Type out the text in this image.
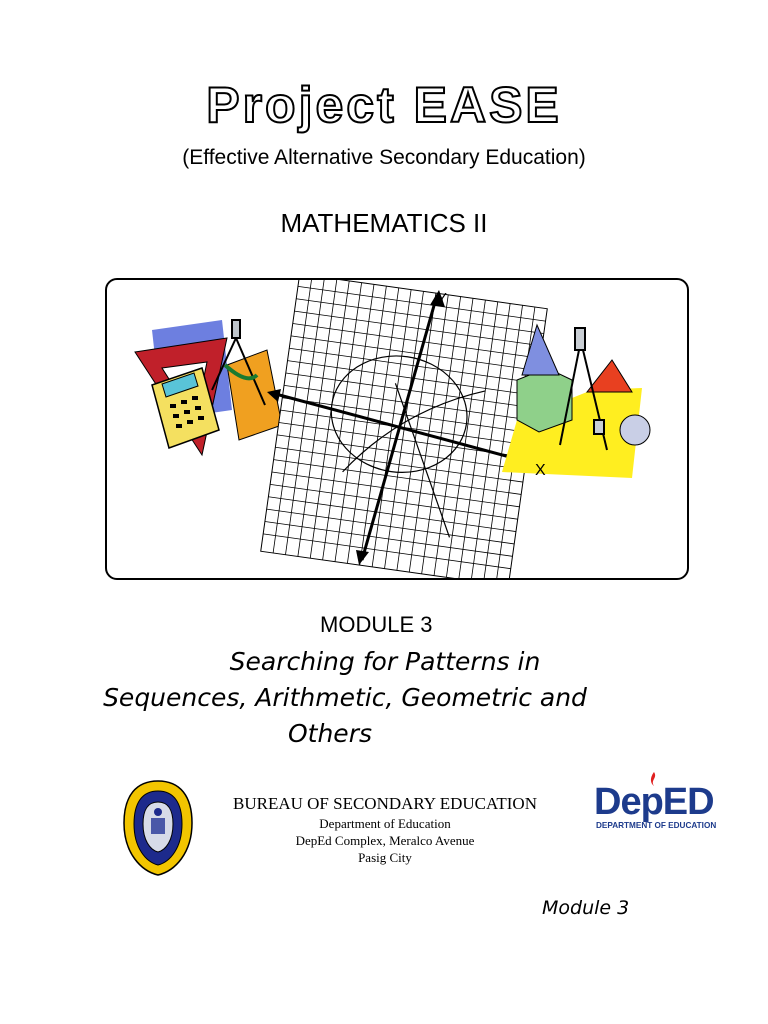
Project EASE
(Effective Alternative Secondary Education)
MATHEMATICS II
X
Y
MODULE 3
Searching for Patterns in
Sequences, Arithmetic, Geometric and
Others
BUREAU OF SECONDARY EDUCATION
Department of Education
DepEd Complex, Meralco Avenue
Pasig City
DepED
DEPARTMENT OF EDUCATION
Module 3
